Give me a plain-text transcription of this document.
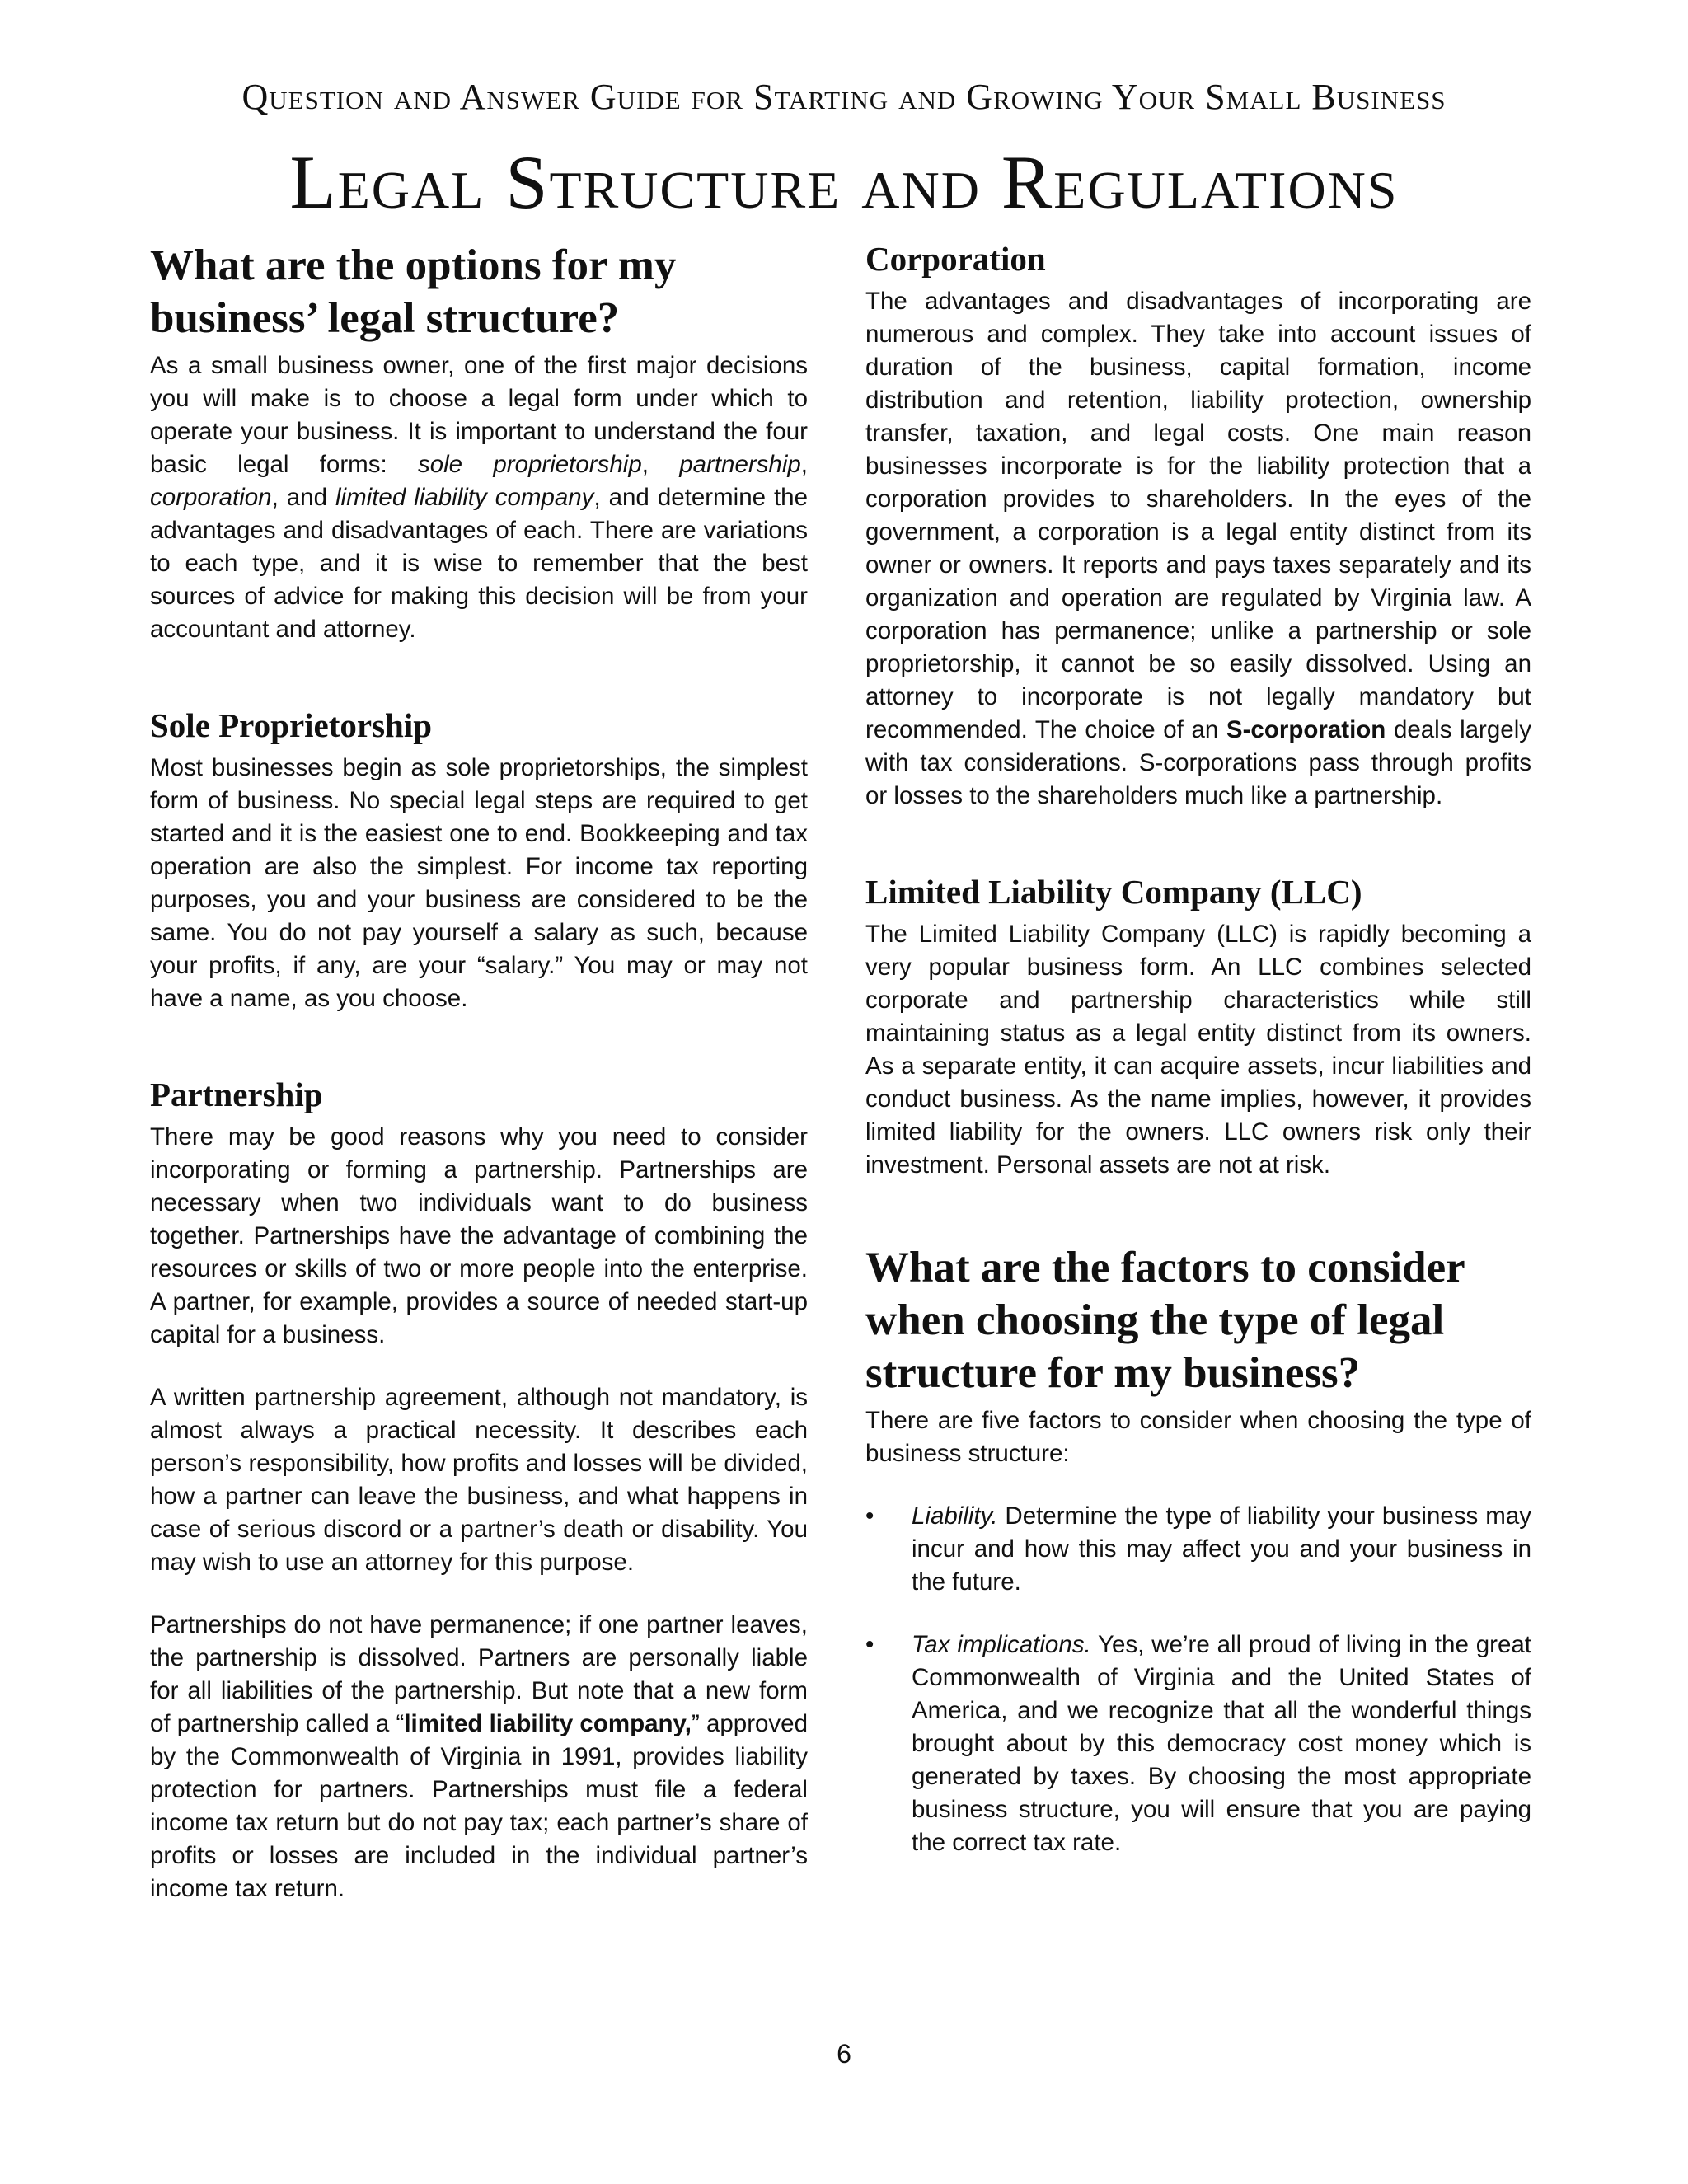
Question and Answer Guide for Starting and Growing Your Small Business
Legal Structure and Regulations
What are the options for my business’ legal structure?

As a small business owner, one of the first major decisions you will make is to choose a legal form under which to operate your business. It is important to understand the four basic legal forms: sole proprietorship, partnership, corporation, and limited liability company, and determine the advantages and disadvantages of each. There are variations to each type, and it is wise to remember that the best sources of advice for making this decision will be from your accountant and attorney.

Sole Proprietorship

Most businesses begin as sole proprietorships, the simplest form of business. No special legal steps are required to get started and it is the easiest one to end. Bookkeeping and tax operation are also the simplest. For income tax reporting purposes, you and your business are considered to be the same. You do not pay yourself a salary as such, because your profits, if any, are your “salary.” You may or may not have a name, as you choose.

Partnership

There may be good reasons why you need to consider incorporating or forming a partnership. Partnerships are necessary when two individuals want to do business together. Partnerships have the advantage of combining the resources or skills of two or more people into the enterprise. A partner, for example, provides a source of needed start-up capital for a business.

A written partnership agreement, although not mandatory, is almost always a practical necessity. It describes each person’s responsibility, how profits and losses will be divided, how a partner can leave the business, and what happens in case of serious discord or a partner’s death or disability. You may wish to use an attorney for this purpose.

Partnerships do not have permanence; if one partner leaves, the partnership is dissolved. Partners are personally liable for all liabilities of the partnership. But note that a new form of partnership called a “limited liability company,” approved by the Commonwealth of Virginia in 1991, provides liability protection for partners. Partnerships must file a federal income tax return but do not pay tax; each partner’s share of profits or losses are included in the individual partner’s income tax return.

Corporation

The advantages and disadvantages of incorporating are numerous and complex. They take into account issues of duration of the business, capital formation, income distribution and retention, liability protection, ownership transfer, taxation, and legal costs. One main reason businesses incorporate is for the liability protection that a corporation provides to shareholders. In the eyes of the government, a corporation is a legal entity distinct from its owner or owners. It reports and pays taxes separately and its organization and operation are regulated by Virginia law. A corporation has permanence; unlike a partnership or sole proprietorship, it cannot be so easily dissolved. Using an attorney to incorporate is not legally mandatory but recommended. The choice of an S-corporation deals largely with tax considerations. S-corporations pass through profits or losses to the shareholders much like a partnership.

Limited Liability Company (LLC)

The Limited Liability Company (LLC) is rapidly becoming a very popular business form. An LLC combines selected corporate and partnership characteristics while still maintaining status as a legal entity distinct from its owners. As a separate entity, it can acquire assets, incur liabilities and conduct business. As the name implies, however, it provides limited liability for the owners. LLC owners risk only their investment. Personal assets are not at risk.

What are the factors to consider when choosing the type of legal structure for my business?

There are five factors to consider when choosing the type of business structure:

•	Liability. Determine the type of liability your business may incur and how this may affect you and your business in the future.
•	Tax implications. Yes, we’re all proud of living in the great Commonwealth of Virginia and the United States of America, and we recognize that all the wonderful things brought about by this democracy cost money which is generated by taxes. By choosing the most appropriate business structure, you will ensure that you are paying the correct tax rate.
6
